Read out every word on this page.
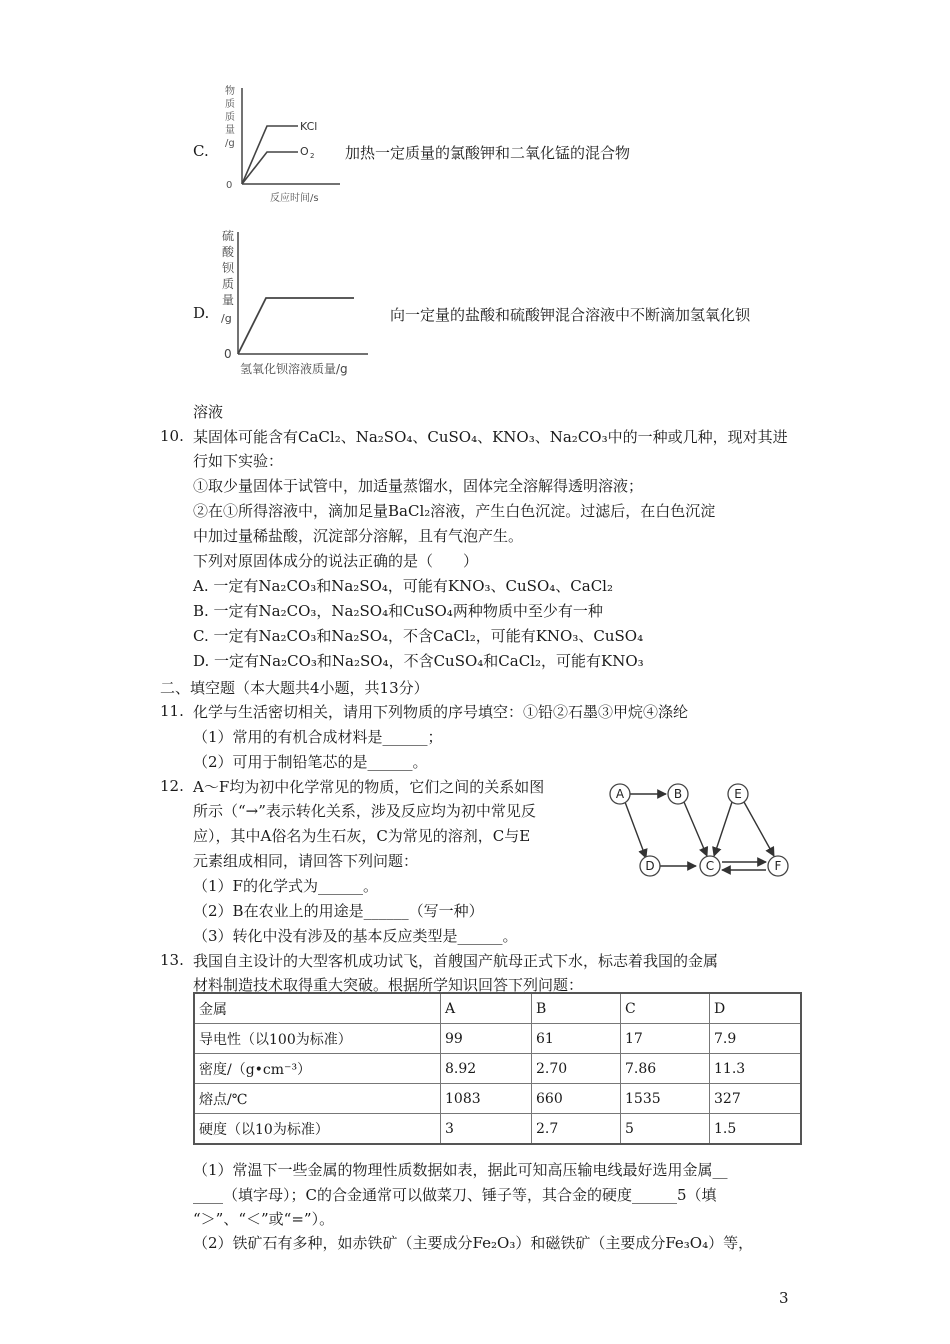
C.
物
质
质
量
/g
0
反应时间/s
KCl
O 2 加热一定质量的氯酸钾和二氧化锰的混合物
D.
硫
酸
钡
质
量
/g
0
氢氧化钡溶液质量/g
向一定量的盐酸和硫酸钾混合溶液中不断滴加氢氧化钡
溶液
10. 某固体可能含有CaCl₂、Na₂SO₄、CuSO₄、KNO₃、Na₂CO₃中的一种或几种，现对其进
行如下实验：
①取少量固体于试管中，加适量蒸馏水，固体完全溶解得透明溶液；
②在①所得溶液中，滴加足量BaCl₂溶液，产生白色沉淀。过滤后，在白色沉淀
中加过量稀盐酸，沉淀部分溶解，且有气泡产生。
下列对原固体成分的说法正确的是（　　）
A. 一定有Na₂CO₃和Na₂SO₄，可能有KNO₃、CuSO₄、CaCl₂
B. 一定有Na₂CO₃，Na₂SO₄和CuSO₄两种物质中至少有一种
C. 一定有Na₂CO₃和Na₂SO₄，不含CaCl₂，可能有KNO₃、CuSO₄
D. 一定有Na₂CO₃和Na₂SO₄，不含CuSO₄和CaCl₂，可能有KNO₃
二、填空题（本大题共4小题，共13分）
11. 化学与生活密切相关，请用下列物质的序号填空：①铅②石墨③甲烷④涤纶
（1）常用的有机合成材料是______；
（2）可用于制铅笔芯的是______。
12. A～F均为初中化学常见的物质，它们之间的关系如图
所示（“→”表示转化关系，涉及反应均为初中常见反
应），其中A俗名为生石灰，C为常见的溶剂，C与E
元素组成相同，请回答下列问题：
（1）F的化学式为______。
（2）B在农业上的用途是______（写一种）
（3）转化中没有涉及的基本反应类型是______。
A	B	E
D	C	F
13. 我国自主设计的大型客机成功试飞，首艘国产航母正式下水，标志着我国的金属
材料制造技术取得重大突破。根据所学知识回答下列问题：
金属	A	B	C	D
导电性（以100为标准）	99	61	17	7.9
密度/（g•cm⁻³）	8.92	2.70	7.86	11.3
熔点/℃	1083	660	1535	327
硬度（以10为标准）	3	2.7	5	1.5
（1）常温下一些金属的物理性质数据如表，据此可知高压输电线最好选用金属__
____（填字母）；C的合金通常可以做菜刀、锤子等，其合金的硬度______5（填
“＞”、“＜”或“=”）。
（2）铁矿石有多种，如赤铁矿（主要成分Fe₂O₃）和磁铁矿（主要成分Fe₃O₄）等，
3
